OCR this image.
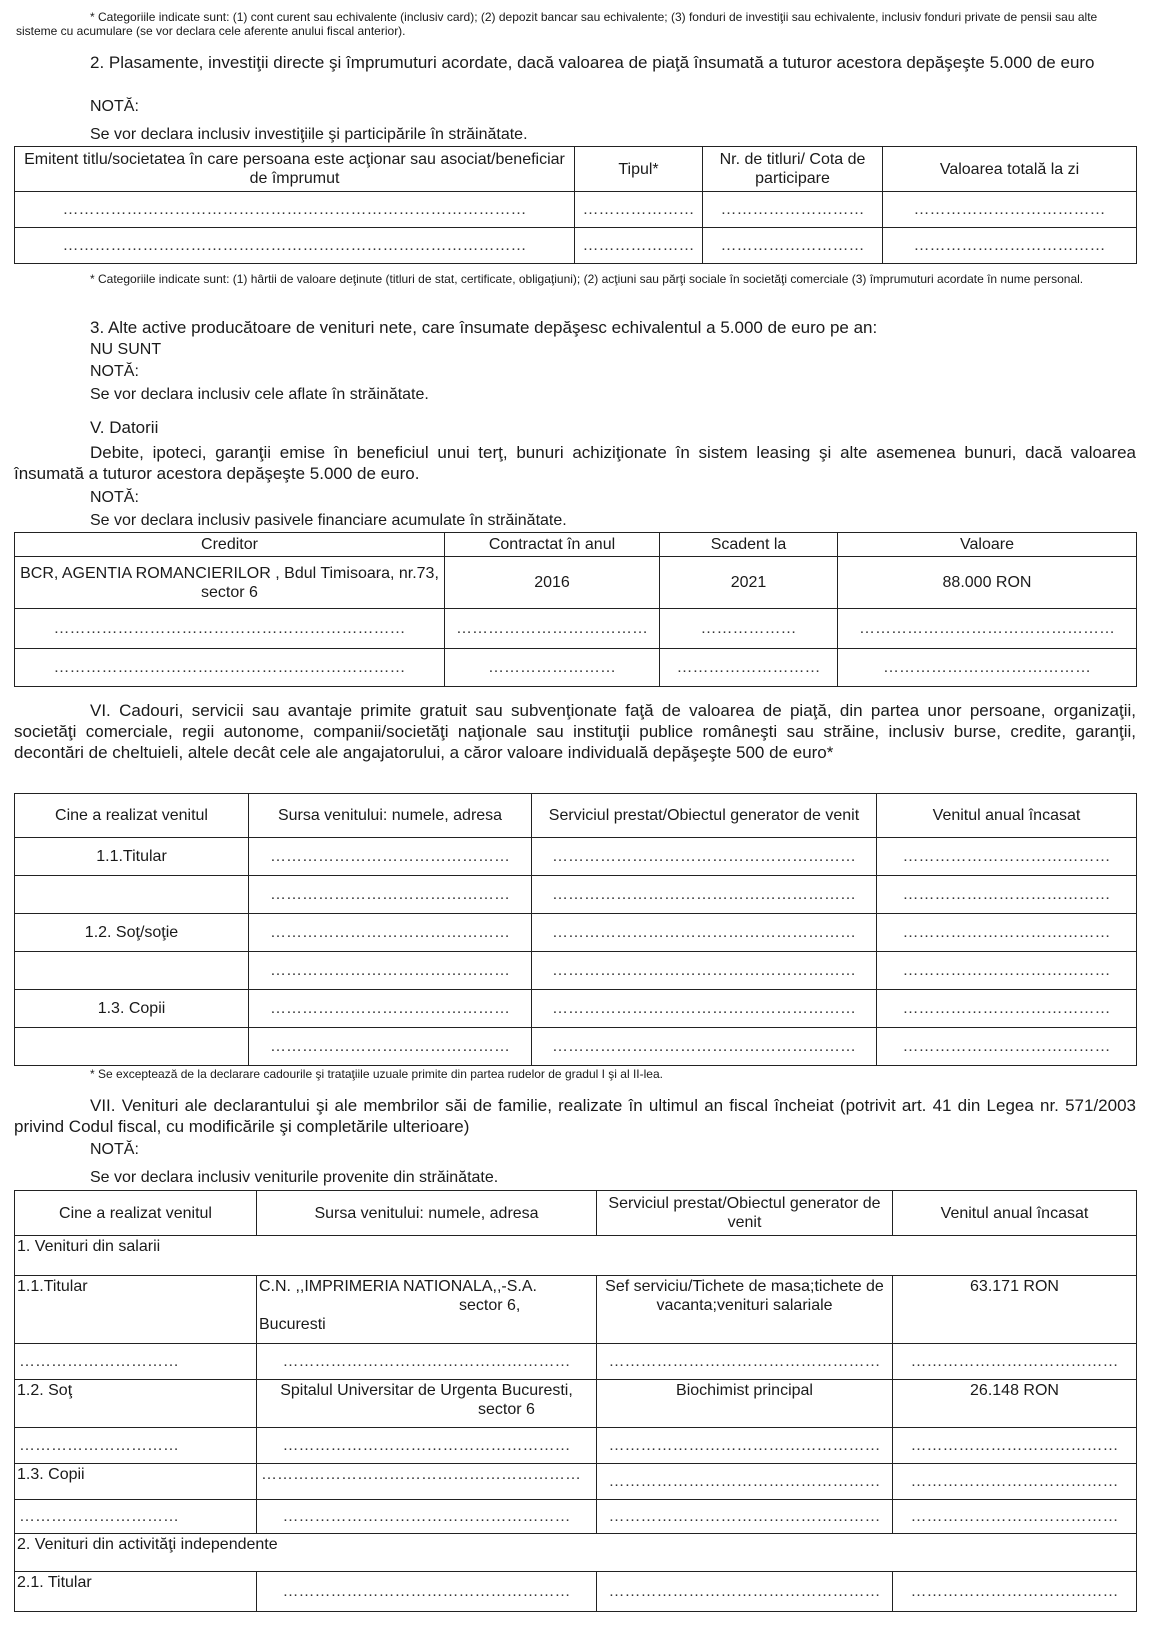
* Categoriile indicate sunt: (1) cont curent sau echivalente (inclusiv card); (2) depozit bancar sau echivalente; (3) fonduri de investiţii sau echivalente, inclusiv fonduri private de pensii sau alte sisteme cu acumulare (se vor declara cele aferente anului fiscal anterior).
2. Plasamente, investiţii directe şi împrumuturi acordate, dacă valoarea de piaţă însumată a tuturor acestora depăşeşte 5.000 de euro
NOTĂ:
Se vor declara inclusiv investiţiile şi participările în străinătate.
Emitent titlu/societatea în care persoana este acţionar sau asociat/beneficiar de împrumut	Tipul*	Nr. de titluri/ Cota de participare	Valoarea totală la zi

……………………………………………………………………………	…………………	………………………	………………………………

……………………………………………………………………………	…………………	………………………	………………………………
* Categoriile indicate sunt: (1) hârtii de valoare deţinute (titluri de stat, certificate, obligaţiuni); (2) acţiuni sau părţi sociale în societăţi comerciale (3) împrumuturi acordate în nume personal.
3. Alte active producătoare de venituri nete, care însumate depăşesc echivalentul a 5.000 de euro pe an:
NU SUNT
NOTĂ:
Se vor declara inclusiv cele aflate în străinătate.
V. Datorii
Debite, ipoteci, garanţii emise în beneficiul unui terţ, bunuri achiziţionate în sistem leasing şi alte asemenea bunuri, dacă valoarea însumată a tuturor acestora depăşeşte 5.000 de euro.
NOTĂ:
Se vor declara inclusiv pasivele financiare acumulate în străinătate.
Creditor	Contractat în anul	Scadent la	Valoare
BCR, AGENTIA ROMANCIERILOR , Bdul Timisoara, nr.73, sector 6	2016	2021	88.000 RON

…………………………………………………………	………………………………	………………	…………………………………………

…………………………………………………………	……………………	………………………	…………………………………
VI. Cadouri, servicii sau avantaje primite gratuit sau subvenţionate faţă de valoarea de piaţă, din partea unor persoane, organizaţii, societăţi comerciale, regii autonome, companii/societăţi naţionale sau instituţii publice româneşti sau străine, inclusiv burse, credite, garanţii, decontări de cheltuieli, altele decât cele ale angajatorului, a căror valoare individuală depăşeşte 500 de euro*
Cine a realizat venitul	Sursa venitului: numele, adresa	Serviciul prestat/Obiectul generator de venit	Venitul anual încasat
1.1.Titular	………………………………………	…………………………………………………	…………………………………

	………………………………………	…………………………………………………	…………………………………

1.2. Soţ/soţie	………………………………………	…………………………………………………	…………………………………

	………………………………………	…………………………………………………	…………………………………

1.3. Copii	………………………………………	…………………………………………………	…………………………………

	………………………………………	…………………………………………………	…………………………………
* Se exceptează de la declarare cadourile şi trataţiile uzuale primite din partea rudelor de gradul I şi al II-lea.
VII. Venituri ale declarantului şi ale membrilor săi de familie, realizate în ultimul an fiscal încheiat (potrivit art. 41 din Legea nr. 571/2003 privind Codul fiscal, cu modificările şi completările ulterioare)
NOTĂ:
Se vor declara inclusiv veniturile provenite din străinătate.
Cine a realizat venitul	Sursa venitului: numele, adresa	Serviciul prestat/Obiectul generator de venit	Venitul anual încasat
1. Venituri din salarii			
1.1.Titular	C.N. ,,IMPRIMERIA NATIONALA,,-S.A.
sector 6,
Bucuresti	Sef serviciu/Tichete de masa;tichete de vacanta;venituri salariale	63.171 RON

…………………………	………………………………………………	……………………………………………	…………………………………

1.2. Soţ	Spitalul Universitar de Urgenta Bucuresti,
sector 6	Biochimist principal	26.148 RON

…………………………	………………………………………………	……………………………………………	…………………………………

1.3. Copii	……………………………………………………	……………………………………………	…………………………………

…………………………	………………………………………………	……………………………………………	…………………………………

2. Venituri din activităţi independente			
2.1. Titular	………………………………………………	……………………………………………	…………………………………
